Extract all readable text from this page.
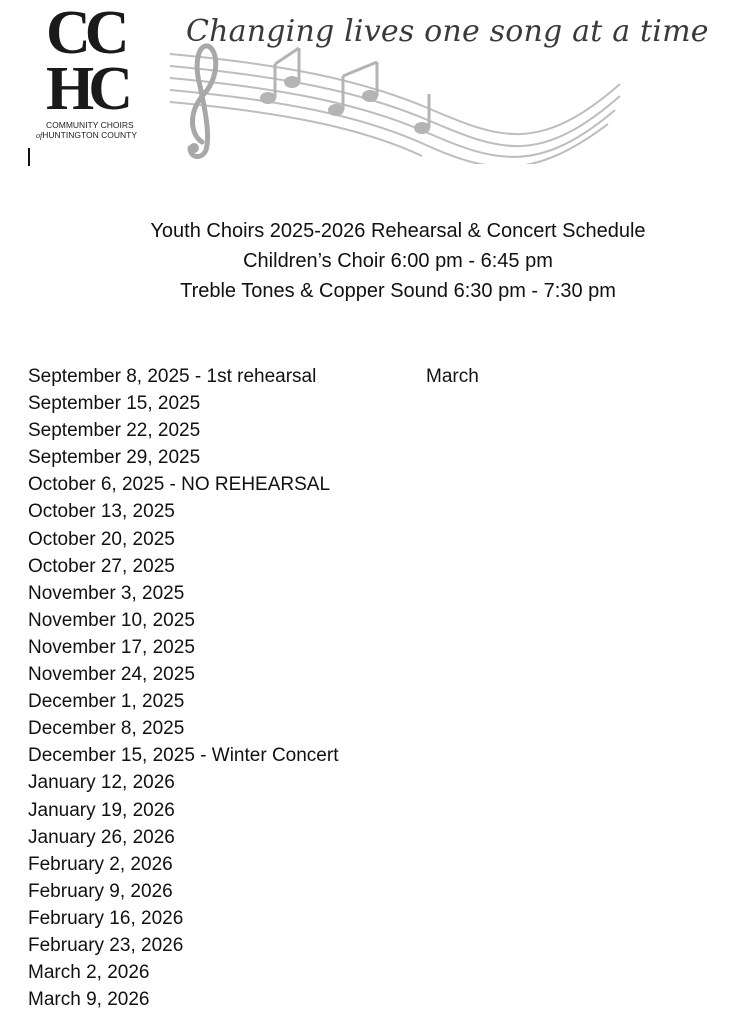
CC
HC
COMMUNITY CHOIRS
ofHUNTINGTON COUNTY
Changing lives one song at a time
Youth Choirs 2025-2026 Rehearsal & Concert Schedule
Children’s Choir 6:00 pm - 6:45 pm
Treble Tones & Copper Sound 6:30 pm - 7:30 pm
September 8, 2025 - 1st rehearsal
September 15, 2025
September 22, 2025
September 29, 2025
October 6, 2025 - NO REHEARSAL
October 13, 2025
October 20, 2025
October 27, 2025
November 3, 2025
November 10, 2025
November 17, 2025
November 24, 2025
December 1, 2025
December 8, 2025
December 15, 2025 - Winter Concert
January 12, 2026
January 19, 2026
January 26, 2026
February 2, 2026
February 9, 2026
February 16, 2026
February 23, 2026
March 2, 2026
March 9, 2026
March
